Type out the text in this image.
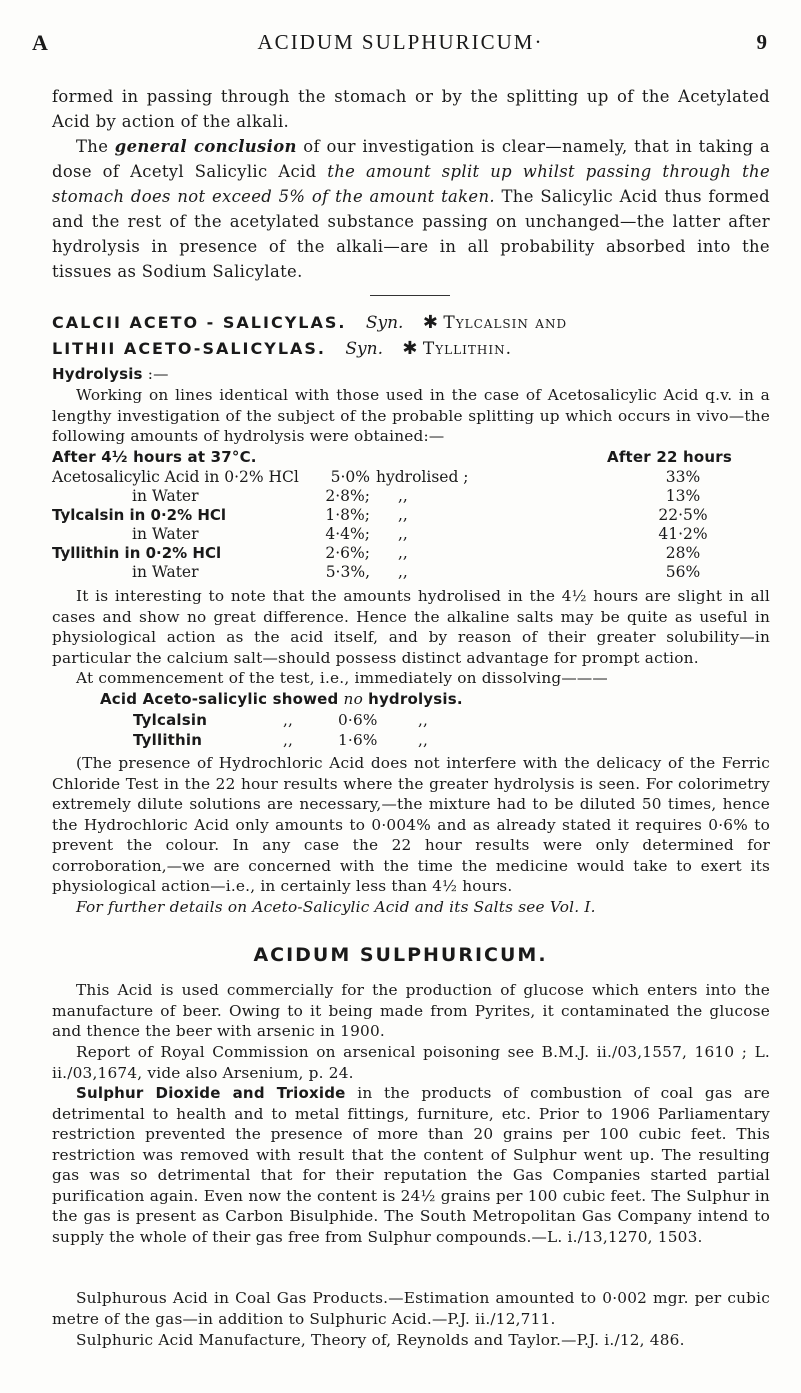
A	ACIDUM SULPHURICUM·	9

formed in passing through the stomach or by the splitting up of the Acetylated Acid by action of the alkali.

The general conclusion of our investigation is clear—namely, that in taking a dose of Acetyl Salicylic Acid the amount split up whilst passing through the stomach does not exceed 5% of the amount taken. The Salicylic Acid thus formed and the rest of the acetylated substance passing on unchanged—the latter after hydrolysis in presence of the alkali—are in all probability absorbed into the tissues as Sodium Salicylate.

CALCII ACETO - SALICYLAS. Syn. ✱ Tylcalsin and
LITHII ACETO-SALICYLAS. Syn. ✱ Tyllithin.

Hydrolysis :—

Working on lines identical with those used in the case of Acetosalicylic Acid q.v. in a lengthy investigation of the subject of the probable splitting up which occurs in vivo—the following amounts of hydrolysis were obtained:—

After 4½ hours at 37°C.	After 22 hours
Acetosalicylic Acid in 0·2% HCl	5·0%	hydrolised ;	33%
in Water	2·8%;	,,	13%
Tylcalsin in 0·2% HCl	1·8%;	,,	22·5%
in Water	4·4%;	,,	41·2%
Tyllithin in 0·2% HCl	2·6%;	,,	28%
in Water	5·3%,	,,	56%

It is interesting to note that the amounts hydrolised in the 4½ hours are slight in all cases and show no great difference. Hence the alkaline salts may be quite as useful in physiological action as the acid itself, and by reason of their greater solubility—in particular the calcium salt—should possess distinct advantage for prompt action.

At commencement of the test, i.e., immediately on dissolving———

Acid Aceto-salicylic showed no hydrolysis.
Tylcalsin	,,	0·6%	,,
Tyllithin	,,	1·6%	,,

(The presence of Hydrochloric Acid does not interfere with the delicacy of the Ferric Chloride Test in the 22 hour results where the greater hydrolysis is seen. For colorimetry extremely dilute solutions are necessary,—the mixture had to be diluted 50 times, hence the Hydrochloric Acid only amounts to 0·004% and as already stated it requires 0·6% to prevent the colour. In any case the 22 hour results were only determined for corroboration,—we are concerned with the time the medicine would take to exert its physiological action—i.e., in certainly less than 4½ hours.

For further details on Aceto-Salicylic Acid and its Salts see Vol. I.

ACIDUM SULPHURICUM.

This Acid is used commercially for the production of glucose which enters into the manufacture of beer. Owing to it being made from Pyrites, it contaminated the glucose and thence the beer with arsenic in 1900.

Report of Royal Commission on arsenical poisoning see B.M.J. ii./03,1557, 1610 ; L. ii./03,1674, vide also Arsenium, p. 24.

Sulphur Dioxide and Trioxide in the products of combustion of coal gas are detrimental to health and to metal fittings, furniture, etc. Prior to 1906 Parliamentary restriction prevented the presence of more than 20 grains per 100 cubic feet. This restriction was removed with result that the content of Sulphur went up. The resulting gas was so detrimental that for their reputation the Gas Companies started partial purification again. Even now the content is 24½ grains per 100 cubic feet. The Sulphur in the gas is present as Carbon Bisulphide. The South Metropolitan Gas Company intend to supply the whole of their gas free from Sulphur compounds.—L. i./13,1270, 1503.

Sulphurous Acid in Coal Gas Products.—Estimation amounted to 0·002 mgr. per cubic metre of the gas—in addition to Sulphuric Acid.—P.J. ii./12,711.

Sulphuric Acid Manufacture, Theory of, Reynolds and Taylor.—P.J. i./12, 486.
